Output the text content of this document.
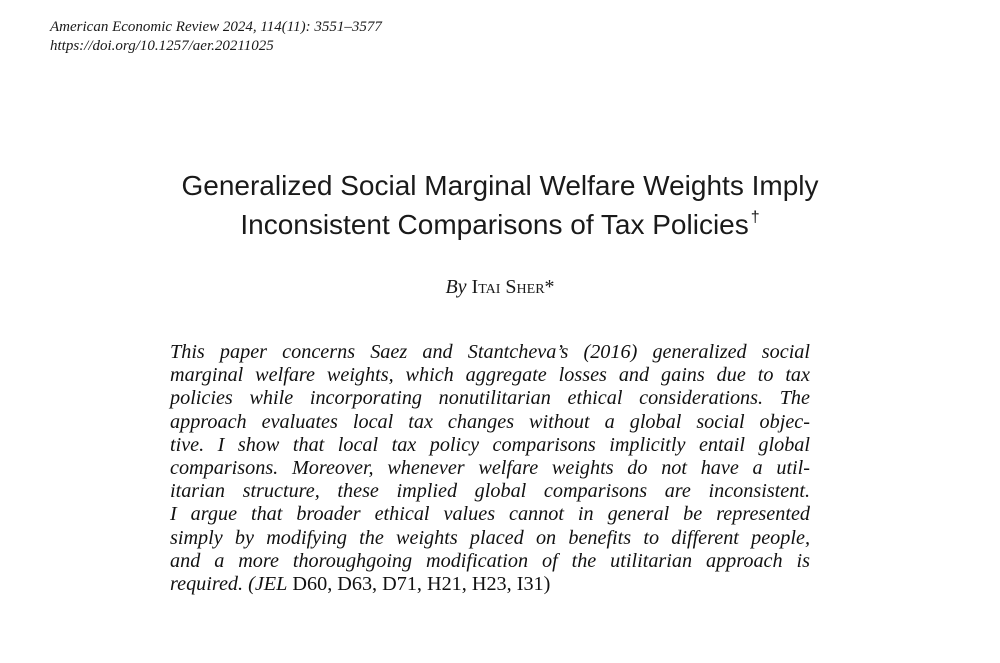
American Economic Review 2024, 114(11): 3551–3577
https://doi.org/10.1257/aer.20211025
Generalized Social Marginal Welfare Weights Imply
Inconsistent Comparisons of Tax Policies †
By Itai Sher*
This paper concerns Saez and Stantcheva’s (2016) generalized social
marginal welfare weights, which aggregate losses and gains due to tax
policies while incorporating nonutilitarian ethical considerations. The
approach evaluates local tax changes without a global social objec-
tive. I show that local tax policy comparisons implicitly entail global
comparisons. Moreover, whenever welfare weights do not have a util-
itarian structure, these implied global comparisons are inconsistent.
I argue that broader ethical values cannot in general be represented
simply by modifying the weights placed on benefits to different people,
and a more thoroughgoing modification of the utilitarian approach is
required. (JEL D60, D63, D71, H21, H23, I31)
